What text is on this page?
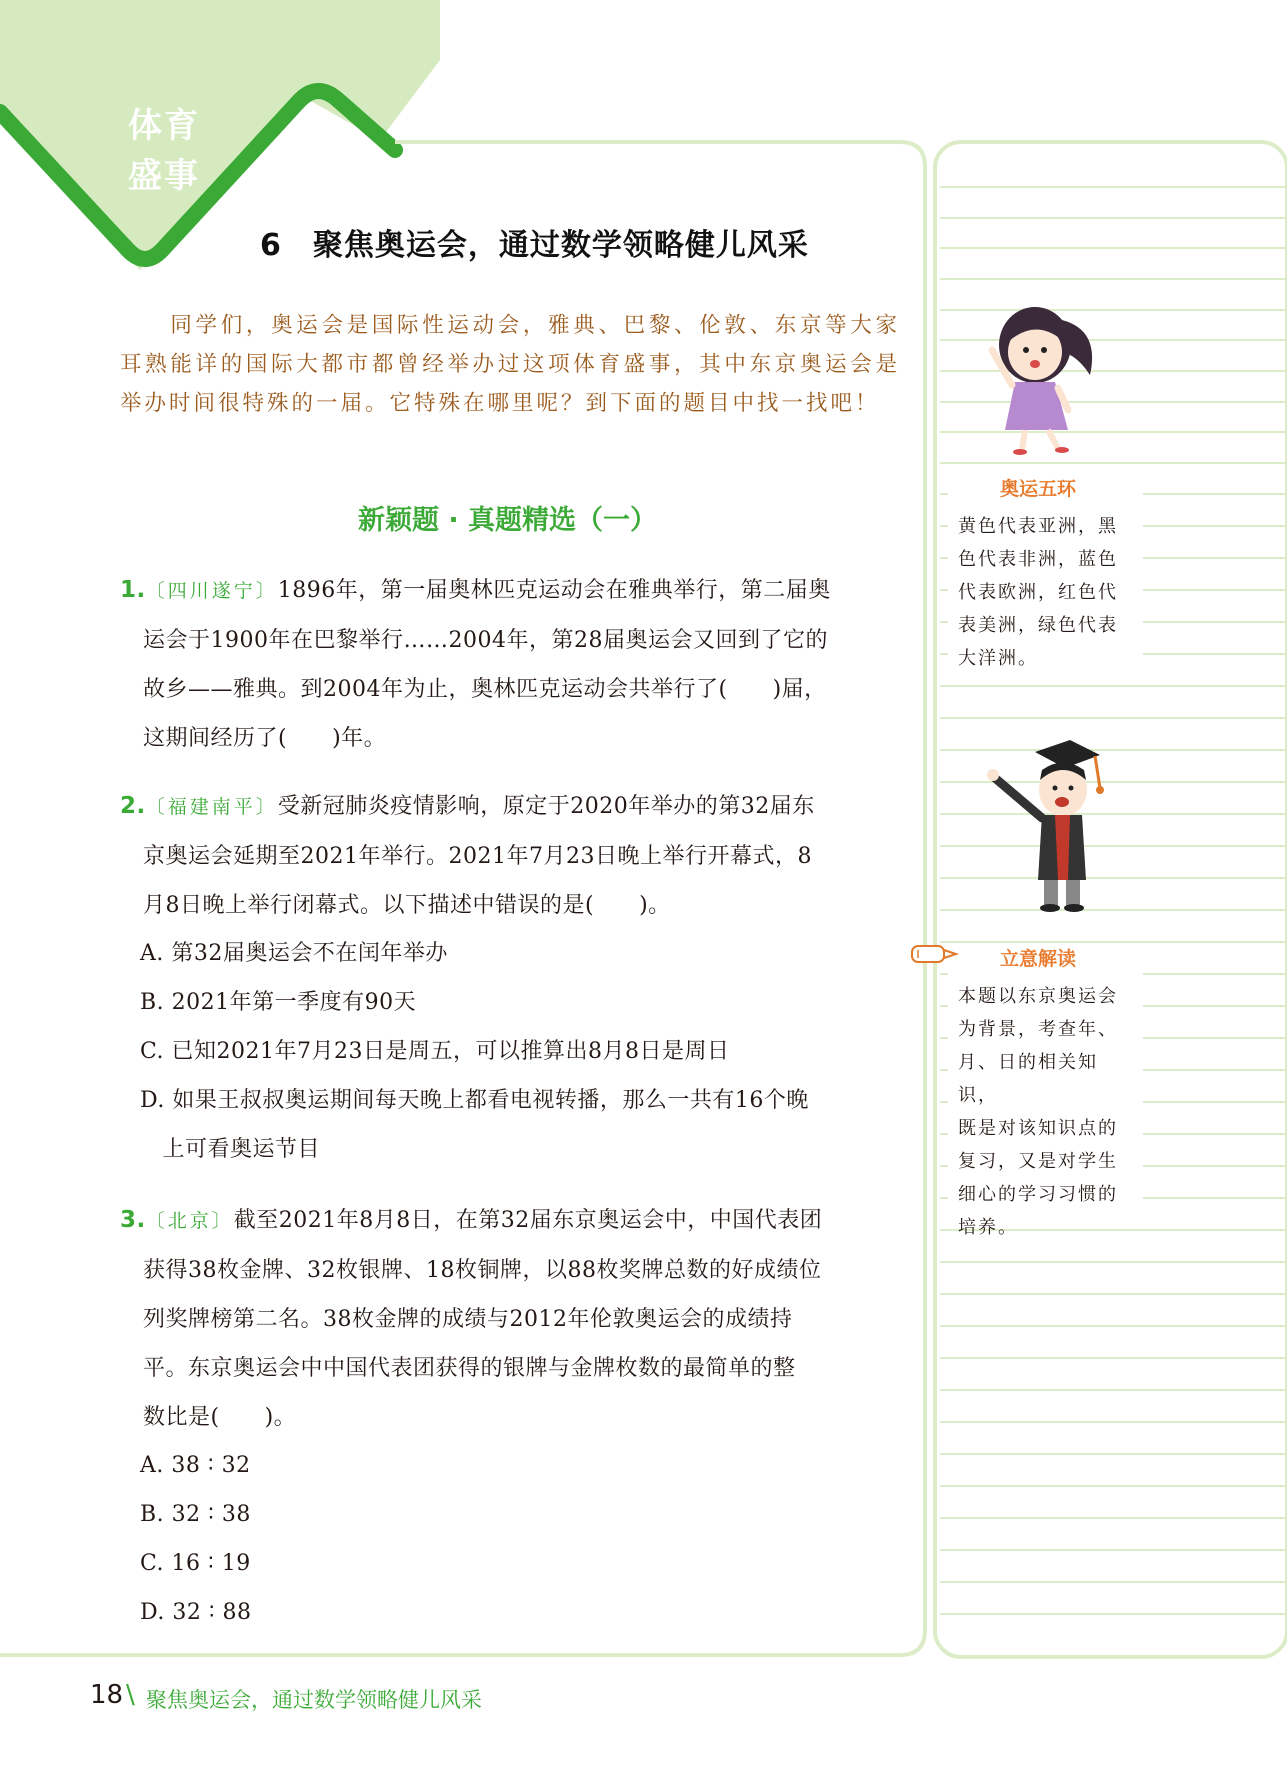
体育
盛事
6　聚焦奥运会，通过数学领略健儿风采
　　同学们，奥运会是国际性运动会，雅典、巴黎、伦敦、东京等大家耳熟能详的国际大都市都曾经举办过这项体育盛事，其中东京奥运会是举办时间很特殊的一届。它特殊在哪里呢？到下面的题目中找一找吧！
新颖题 · 真题精选（一）
1.〔四川遂宁〕1896年，第一届奥林匹克运动会在雅典举行，第二届奥
运会于1900年在巴黎举行……2004年，第28届奥运会又回到了它的
故乡——雅典。到2004年为止，奥林匹克运动会共举行了(　　)届，
这期间经历了(　　)年。
2.〔福建南平〕受新冠肺炎疫情影响，原定于2020年举办的第32届东
京奥运会延期至2021年举行。2021年7月23日晚上举行开幕式，8
月8日晚上举行闭幕式。以下描述中错误的是(　　)。
A. 第32届奥运会不在闰年举办
B. 2021年第一季度有90天
C. 已知2021年7月23日是周五，可以推算出8月8日是周日
D. 如果王叔叔奥运期间每天晚上都看电视转播，那么一共有16个晚
　上可看奥运节目
3.〔北京〕截至2021年8月8日，在第32届东京奥运会中，中国代表团
获得38枚金牌、32枚银牌、18枚铜牌，以88枚奖牌总数的好成绩位
列奖牌榜第二名。38枚金牌的成绩与2012年伦敦奥运会的成绩持
平。东京奥运会中中国代表团获得的银牌与金牌枚数的最简单的整
数比是(　　)。
A. 38 ∶ 32
B. 32 ∶ 38
C. 16 ∶ 19
D. 32 ∶ 88
奥运五环
黄色代表亚洲，黑
色代表非洲，蓝色
代表欧洲，红色代
表美洲，绿色代表
大洋洲。
立意解读
本题以东京奥运会
为背景，考查年、
月、日的相关知识，
既是对该知识点的
复习，又是对学生
细心的学习习惯的
培养。
18 \ 聚焦奥运会，通过数学领略健儿风采
